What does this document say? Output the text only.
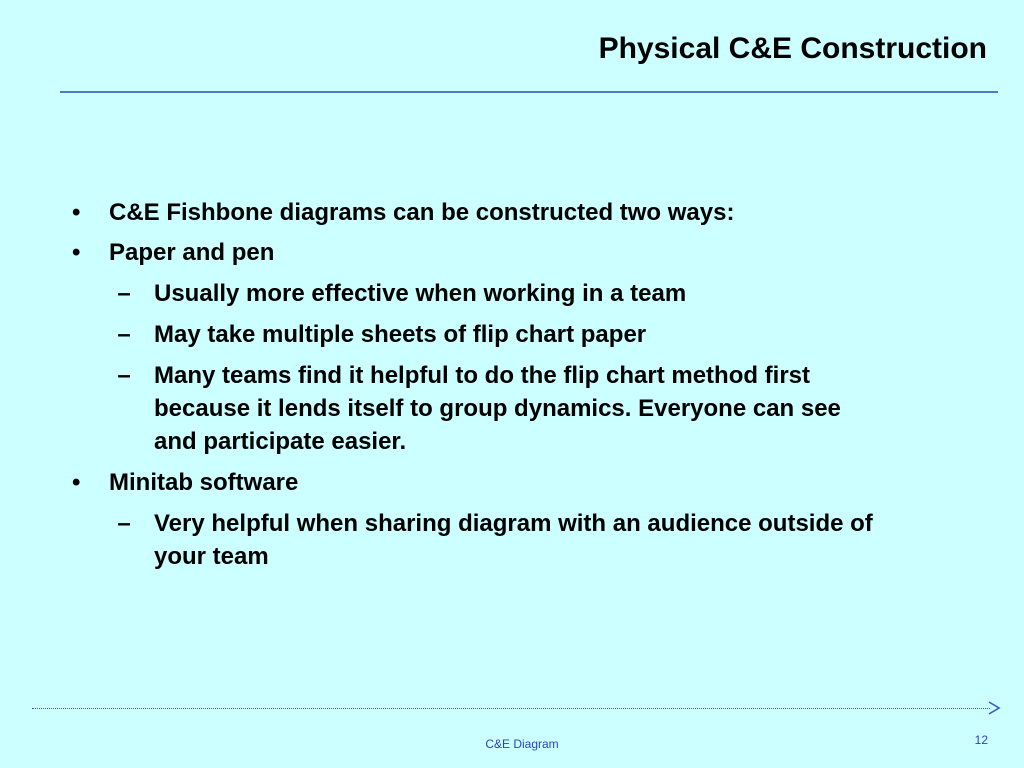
Physical C&E Construction
•	C&E Fishbone diagrams can be constructed two ways:
•	Paper and pen
– Usually more effective when working in a team
– May take multiple sheets of flip chart paper
– Many teams find it helpful to do the flip chart method first because it lends itself to group dynamics. Everyone can see and participate easier.
•	Minitab software
– Very helpful when sharing diagram with an audience outside of your team
C&E Diagram	12
